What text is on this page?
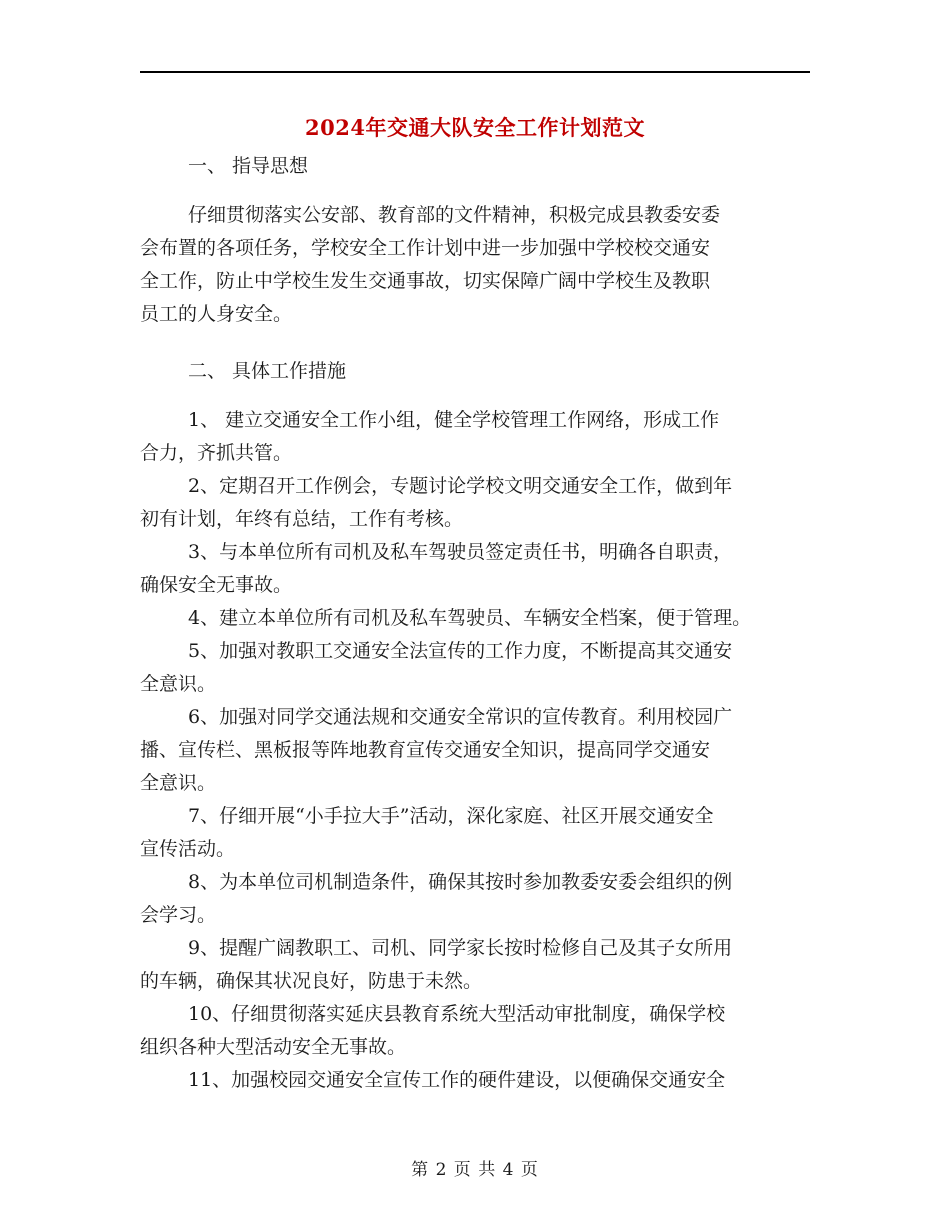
2024年交通大队安全工作计划范文
一、 指导思想
仔细贯彻落实公安部、教育部的文件精神，积极完成县教委安委
会布置的各项任务，学校安全工作计划中进一步加强中学校校交通安
全工作，防止中学校生发生交通事故，切实保障广阔中学校生及教职
员工的人身安全。
二、 具体工作措施
1、 建立交通安全工作小组，健全学校管理工作网络，形成工作
合力，齐抓共管。
2、定期召开工作例会，专题讨论学校文明交通安全工作，做到年
初有计划，年终有总结，工作有考核。
3、与本单位所有司机及私车驾驶员签定责任书，明确各自职责，
确保安全无事故。
4、建立本单位所有司机及私车驾驶员、车辆安全档案，便于管理。
5、加强对教职工交通安全法宣传的工作力度，不断提高其交通安
全意识。
6、加强对同学交通法规和交通安全常识的宣传教育。利用校园广
播、宣传栏、黑板报等阵地教育宣传交通安全知识，提高同学交通安
全意识。
7、仔细开展“小手拉大手”活动，深化家庭、社区开展交通安全
宣传活动。
8、为本单位司机制造条件，确保其按时参加教委安委会组织的例
会学习。
9、提醒广阔教职工、司机、同学家长按时检修自己及其子女所用
的车辆，确保其状况良好，防患于未然。
10、仔细贯彻落实延庆县教育系统大型活动审批制度，确保学校
组织各种大型活动安全无事故。
11、加强校园交通安全宣传工作的硬件建设，以便确保交通安全
第 2 页 共 4 页
